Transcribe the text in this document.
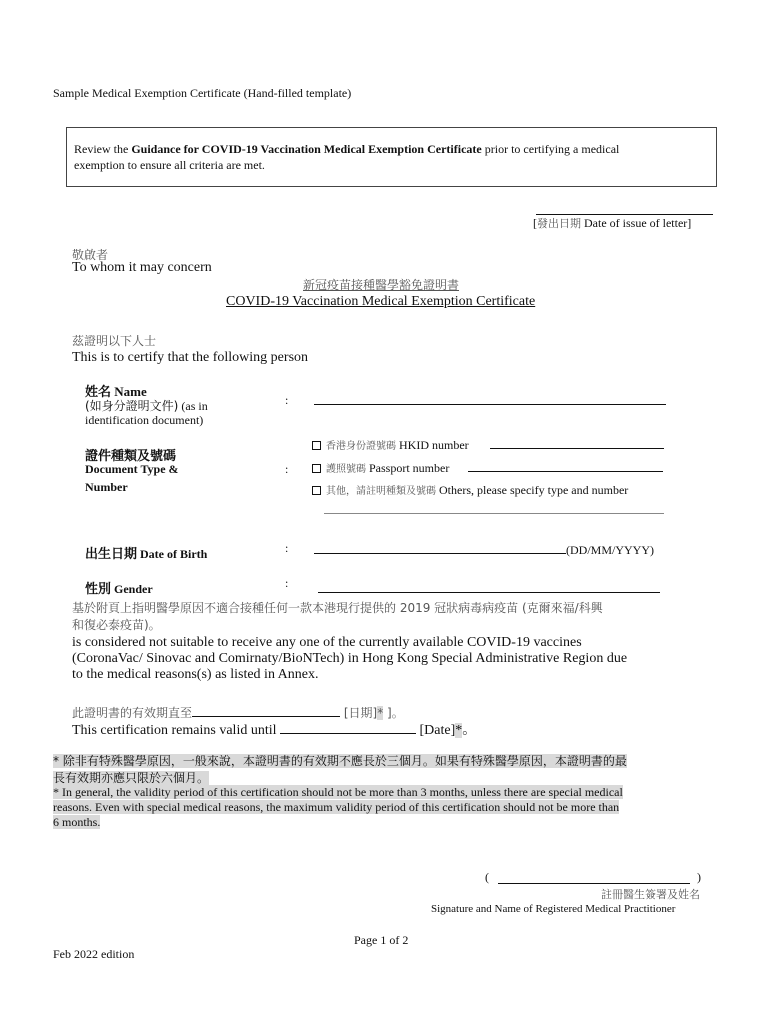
Sample Medical Exemption Certificate (Hand-filled template)
Review the Guidance for COVID-19 Vaccination Medical Exemption Certificate prior to certifying a medical
exemption to ensure all criteria are met.
[發出日期 Date of issue of letter]
敬啟者
To whom it may concern
新冠疫苗接種醫學豁免證明書
COVID-19 Vaccination Medical Exemption Certificate
茲證明以下人士
This is to certify that the following person
姓名 Name
(如身分證明文件) (as in
identification document)
:
證件種類及號碼
Document Type &
Number
:
香港身份證號碼 HKID number
護照號碼 Passport number
其他，請註明種類及號碼 Others, please specify type and number
出生日期 Date of Birth	:	(DD/MM/YYYY)
性別 Gender	:
基於附頁上指明醫學原因不適合接種任何一款本港現行提供的 2019 冠狀病毒病疫苗 (克爾來福/科興
和復必泰疫苗)。
is considered not suitable to receive any one of the currently available COVID-19 vaccines
(CoronaVac/ Sinovac and Comirnaty/BioNTech) in Hong Kong Special Administrative Region due
to the medical reasons(s) as listed in Annex.
此證明書的有效期直至	[日期]* ]。
This certification remains valid until	[Date]*。
* 除非有特殊醫學原因，一般來說，本證明書的有效期不應長於三個月。如果有特殊醫學原因，本證明書的最
長有效期亦應只限於六個月。
* In general, the validity period of this certification should not be more than 3 months, unless there are special medical
reasons. Even with special medical reasons, the maximum validity period of this certification should not be more than
6 months.
(	)
註冊醫生簽署及姓名
Signature and Name of Registered Medical Practitioner
Page 1 of 2
Feb 2022 edition
